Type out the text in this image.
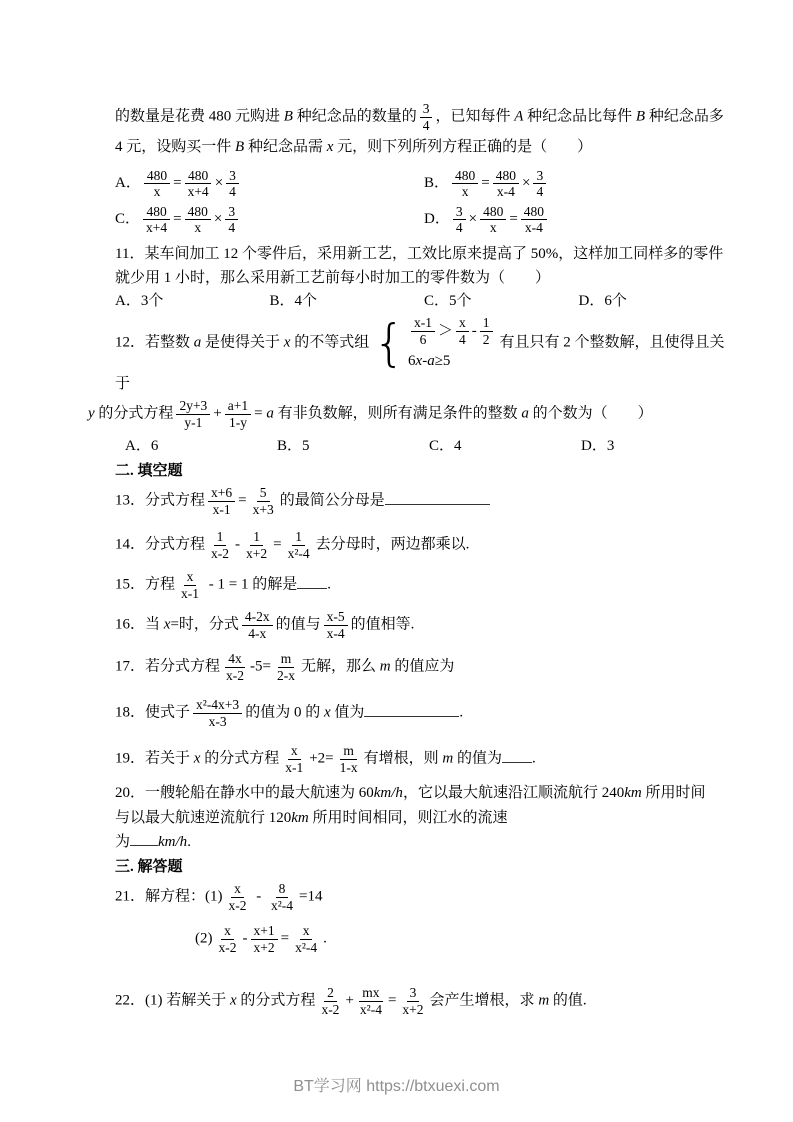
的数量是花费 480 元购进 B 种纪念品的数量的 $\frac{3}{4}$ ，已知每件 A 种纪念品比每件 B 种纪念品多
4 元，设购买一件 B 种纪念品需 x 元，则下列所列方程正确的是（　　）
A． $\frac{480}{x} = \frac{480}{x+4} \times \frac{3}{4}$	B． $\frac{480}{x} = \frac{480}{x-4} \times \frac{3}{4}$
C． $\frac{480}{x+4} = \frac{480}{x} \times \frac{3}{4}$	D． $\frac{3}{4} \times \frac{480}{x} = \frac{480}{x-4}$
11．某车间加工 12 个零件后，采用新工艺，工效比原来提高了 50%，这样加工同样多的零件
就少用 1 小时，那么采用新工艺前每小时加工的零件数为（　　）
A．3个	B．4个	C．5个	D．6个
12．若整数 a 是使得关于 x 的不等式组 { $\frac{x-1}{6} > \frac{x}{4} - \frac{1}{2}$
6 x - a ≥5
有且只有 2 个整数解，且使得且关于
y 的分式方程 $\frac{2y+3}{y-1} + \frac{a+1}{1-y} = a$ 有非负数解，则所有满足条件的整数 a 的个数为（　　）
A．6	B．5	C．4	D．3
二. 填空题
13．分式方程 $\frac{x+6}{x-1} = \frac{5}{x+3}$ 的最简公分母是
14．分式方程 $\frac{1}{x-2} - \frac{1}{x+2} = \frac{1}{\text{x²-4}}$ 去分母时，两边都乘以.
15．方程 $\frac{x}{x-1} - 1 = 1$ 的解是 .
16．当 x=时，分式 $\frac{4-2x}{4-x}$ 的值与 $\frac{x-5}{x-4}$ 的值相等.
17．若分式方程 $\frac{4x}{x-2} -5= \frac{m}{2-x}$ 无解，那么 m 的值应为
18．使式子 $\frac{\text{x²-4x+3}}{x-3}$ 的值为 0 的 x 值为	.
19．若关于 x 的分式方程 $\frac{x}{x-1} +2= \frac{m}{1-x}$ 有增根，则 m 的值为 .
20．一艘轮船在静水中的最大航速为 60km/h，它以最大航速沿江顺流航行 240km 所用时间
与以最大航速逆流航行 120km 所用时间相同，则江水的流速
为 km/h.
三. 解答题
21．解方程：$(1) \frac{x}{x-2} - \frac{8}{\text{x²-4}} =14$
$(2) \frac{x}{x-2} - \frac{x+1}{x+2} = \frac{x}{\text{x²-4}}$ .
22．(1) 若解关于 x 的分式方程 $\frac{2}{x-2} + \frac{mx}{\text{x²-4}} = \frac{3}{x+2}$ 会产生增根，求 m 的值.
BT学习网 https://btxuexi.com
